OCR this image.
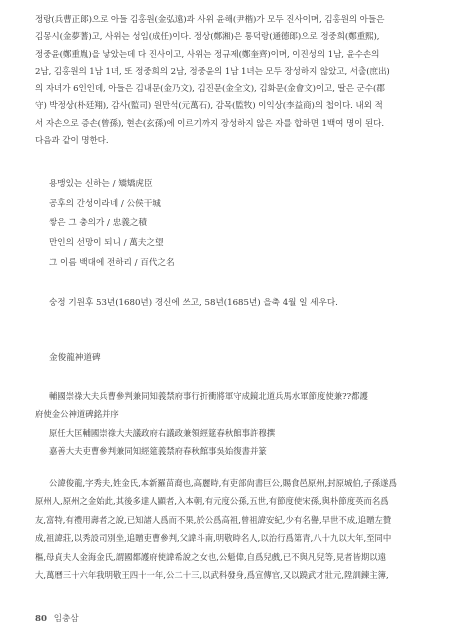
정랑(兵曹正郞)으로 아들 김홍원(金弘遠)과 사위 윤해(尹楷)가 모두 진사이며, 김홍원의 아들은
김몽시(金夢蓍)고, 사위는 성임(成任)이다. 정상(鄭湘)은 통덕랑(通德郞)으로 정중희(鄭重熙),
정중윤(鄭重胤)을 낳았는데 다 진사이고, 사위는 정규제(鄭奎齊)이며, 이진성의 1남, 윤수손의
2남, 김홍원의 1남 1녀, 또 정중희의 2남, 정중윤의 1남 1녀는 모두 장성하지 않았고, 서출(庶出)
의 자녀가 6인인데, 아들은 김내문(金乃文), 김진문(金全文), 김화문(金會文)이고, 딸은 군수(郡
守) 박정상(朴廷翔), 감사(監司) 원만석(元萬石), 감목(監牧) 이익상(李益商)의 첩이다. 내외 적
서 자손으로 증손(曾孫), 현손(玄孫)에 이르기까지 장성하지 않은 자를 합하면 1백여 명이 된다.
다음과 같이 명한다.
용맹있는 신하는 / 矯矯虎臣
공후의 간성이라네 / 公侯干城
쌓은 그 충의가 / 忠義之積
만인의 선망이 되니 / 萬夫之望
그 이름 백대에 전하리 / 百代之名
숭정 기원후 53년(1680년) 경신에 쓰고, 58년(1685년) 을축 4월 일 세우다.
金俊龍神道碑
輔國崇祿大夫兵曹參判兼同知義禁府事行折衝將軍守成鏡北道兵馬水軍節度使兼??都護
府使金公神道碑銘并序
原任大匡輔國崇祿大夫議政府右議政兼領經筵春秋館事許穆撰
嘉善大夫吏曹參判兼同知經筵義禁府春秋館事吳始復書并篆
公諱俊龍,字秀夫,姓金氏,本新羅苗裔也,高麗時,有吏部尙書巨公,賜食邑原州,封原城伯,子孫遂爲
原州人,原州之金始此,其後多達人顯者,入本朝,有元度公孫,五世,有節度使宋孫,與朴節度英而名爲
友,富特,有禮用壽者之說,已知諸人爲而不果,於公爲高祖,曾祖諱安紀,少有名譽,早世不成,追贈左贊
成,祖諱莊,以秀設司別坐,追贈吏曹參判,父諱斗南,明敬時名人,以治行爲第青,八十九以大年,至同中
樞,母貞夫人金海金氏,謂國都護府使諱希說之女也,公魁偉,自爲兒戲,已不與凡兒等,見者皆期以遠
大,萬曆三十六年我明敬王四十一年,公二十三,以武科發身,爲宣傳官,又以蹺武才壯元,陞訓鍊主簿,
80 임충삼
